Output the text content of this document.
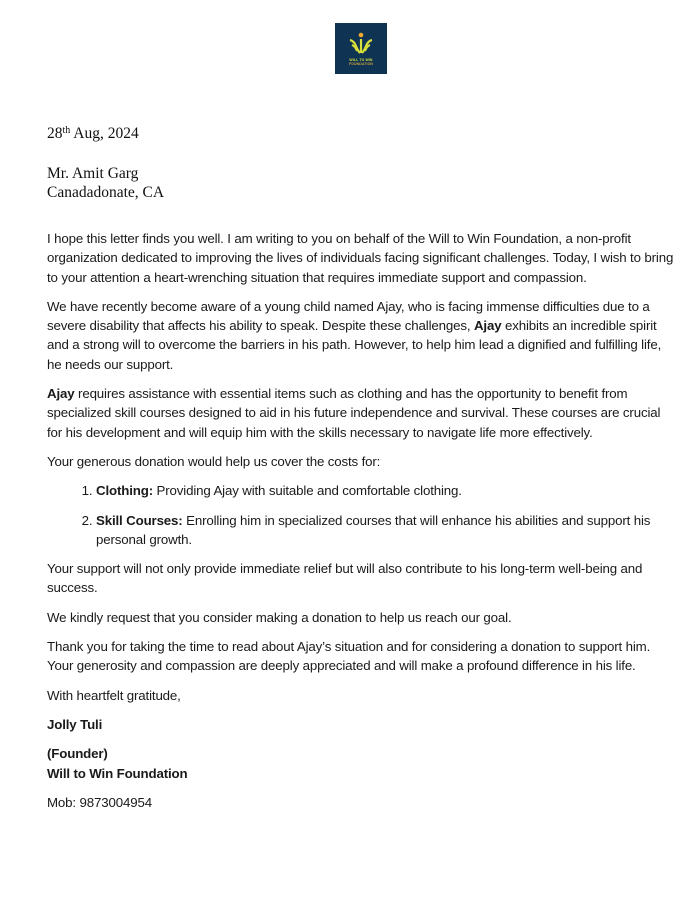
WILL TO WIN
FOUNDATION
28th Aug, 2024
Mr. Amit Garg
Canadadonate, CA

I hope this letter finds you well. I am writing to you on behalf of the Will to Win Foundation, a non-profit organization dedicated to improving the lives of individuals facing significant challenges. Today, I wish to bring to your attention a heart-wrenching situation that requires immediate support and compassion.

We have recently become aware of a young child named Ajay, who is facing immense difficulties due to a severe disability that affects his ability to speak. Despite these challenges, Ajay exhibits an incredible spirit and a strong will to overcome the barriers in his path. However, to help him lead a dignified and fulfilling life, he needs our support.

Ajay requires assistance with essential items such as clothing and has the opportunity to benefit from specialized skill courses designed to aid in his future independence and survival. These courses are crucial for his development and will equip him with the skills necessary to navigate life more effectively.

Your generous donation would help us cover the costs for:

1. Clothing: Providing Ajay with suitable and comfortable clothing.
2. Skill Courses: Enrolling him in specialized courses that will enhance his abilities and support his personal growth.

Your support will not only provide immediate relief but will also contribute to his long-term well-being and success.

We kindly request that you consider making a donation to help us reach our goal.

Thank you for taking the time to read about Ajay’s situation and for considering a donation to support him. Your generosity and compassion are deeply appreciated and will make a profound difference in his life.

With heartfelt gratitude,

Jolly Tuli

(Founder)

Will to Win Foundation

Mob: 9873004954
